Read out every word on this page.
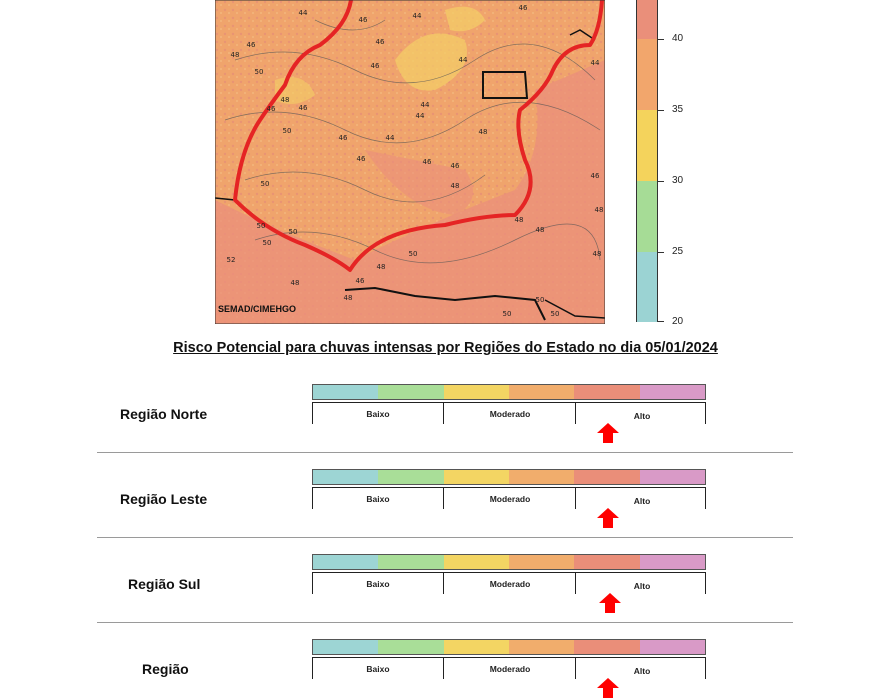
44
46	44
46
44
46
46
48
46
44
50
46
48
46	44
50
46	44
46
46
48
50
46
46
48
48
50
48
48
50
50
52
50
48
50
48
46
50	50
48
48
44
SEMAD/CIMEHGO
40
35
30
25
20
Risco Potencial para chuvas intensas por Regiões do Estado no dia 05/01/2024
Região Norte	Baixo	Moderado	Alto
Região Leste	Baixo	Moderado	Alto
Região Sul	Baixo	Moderado	Alto
Região	Baixo	Moderado	Alto
